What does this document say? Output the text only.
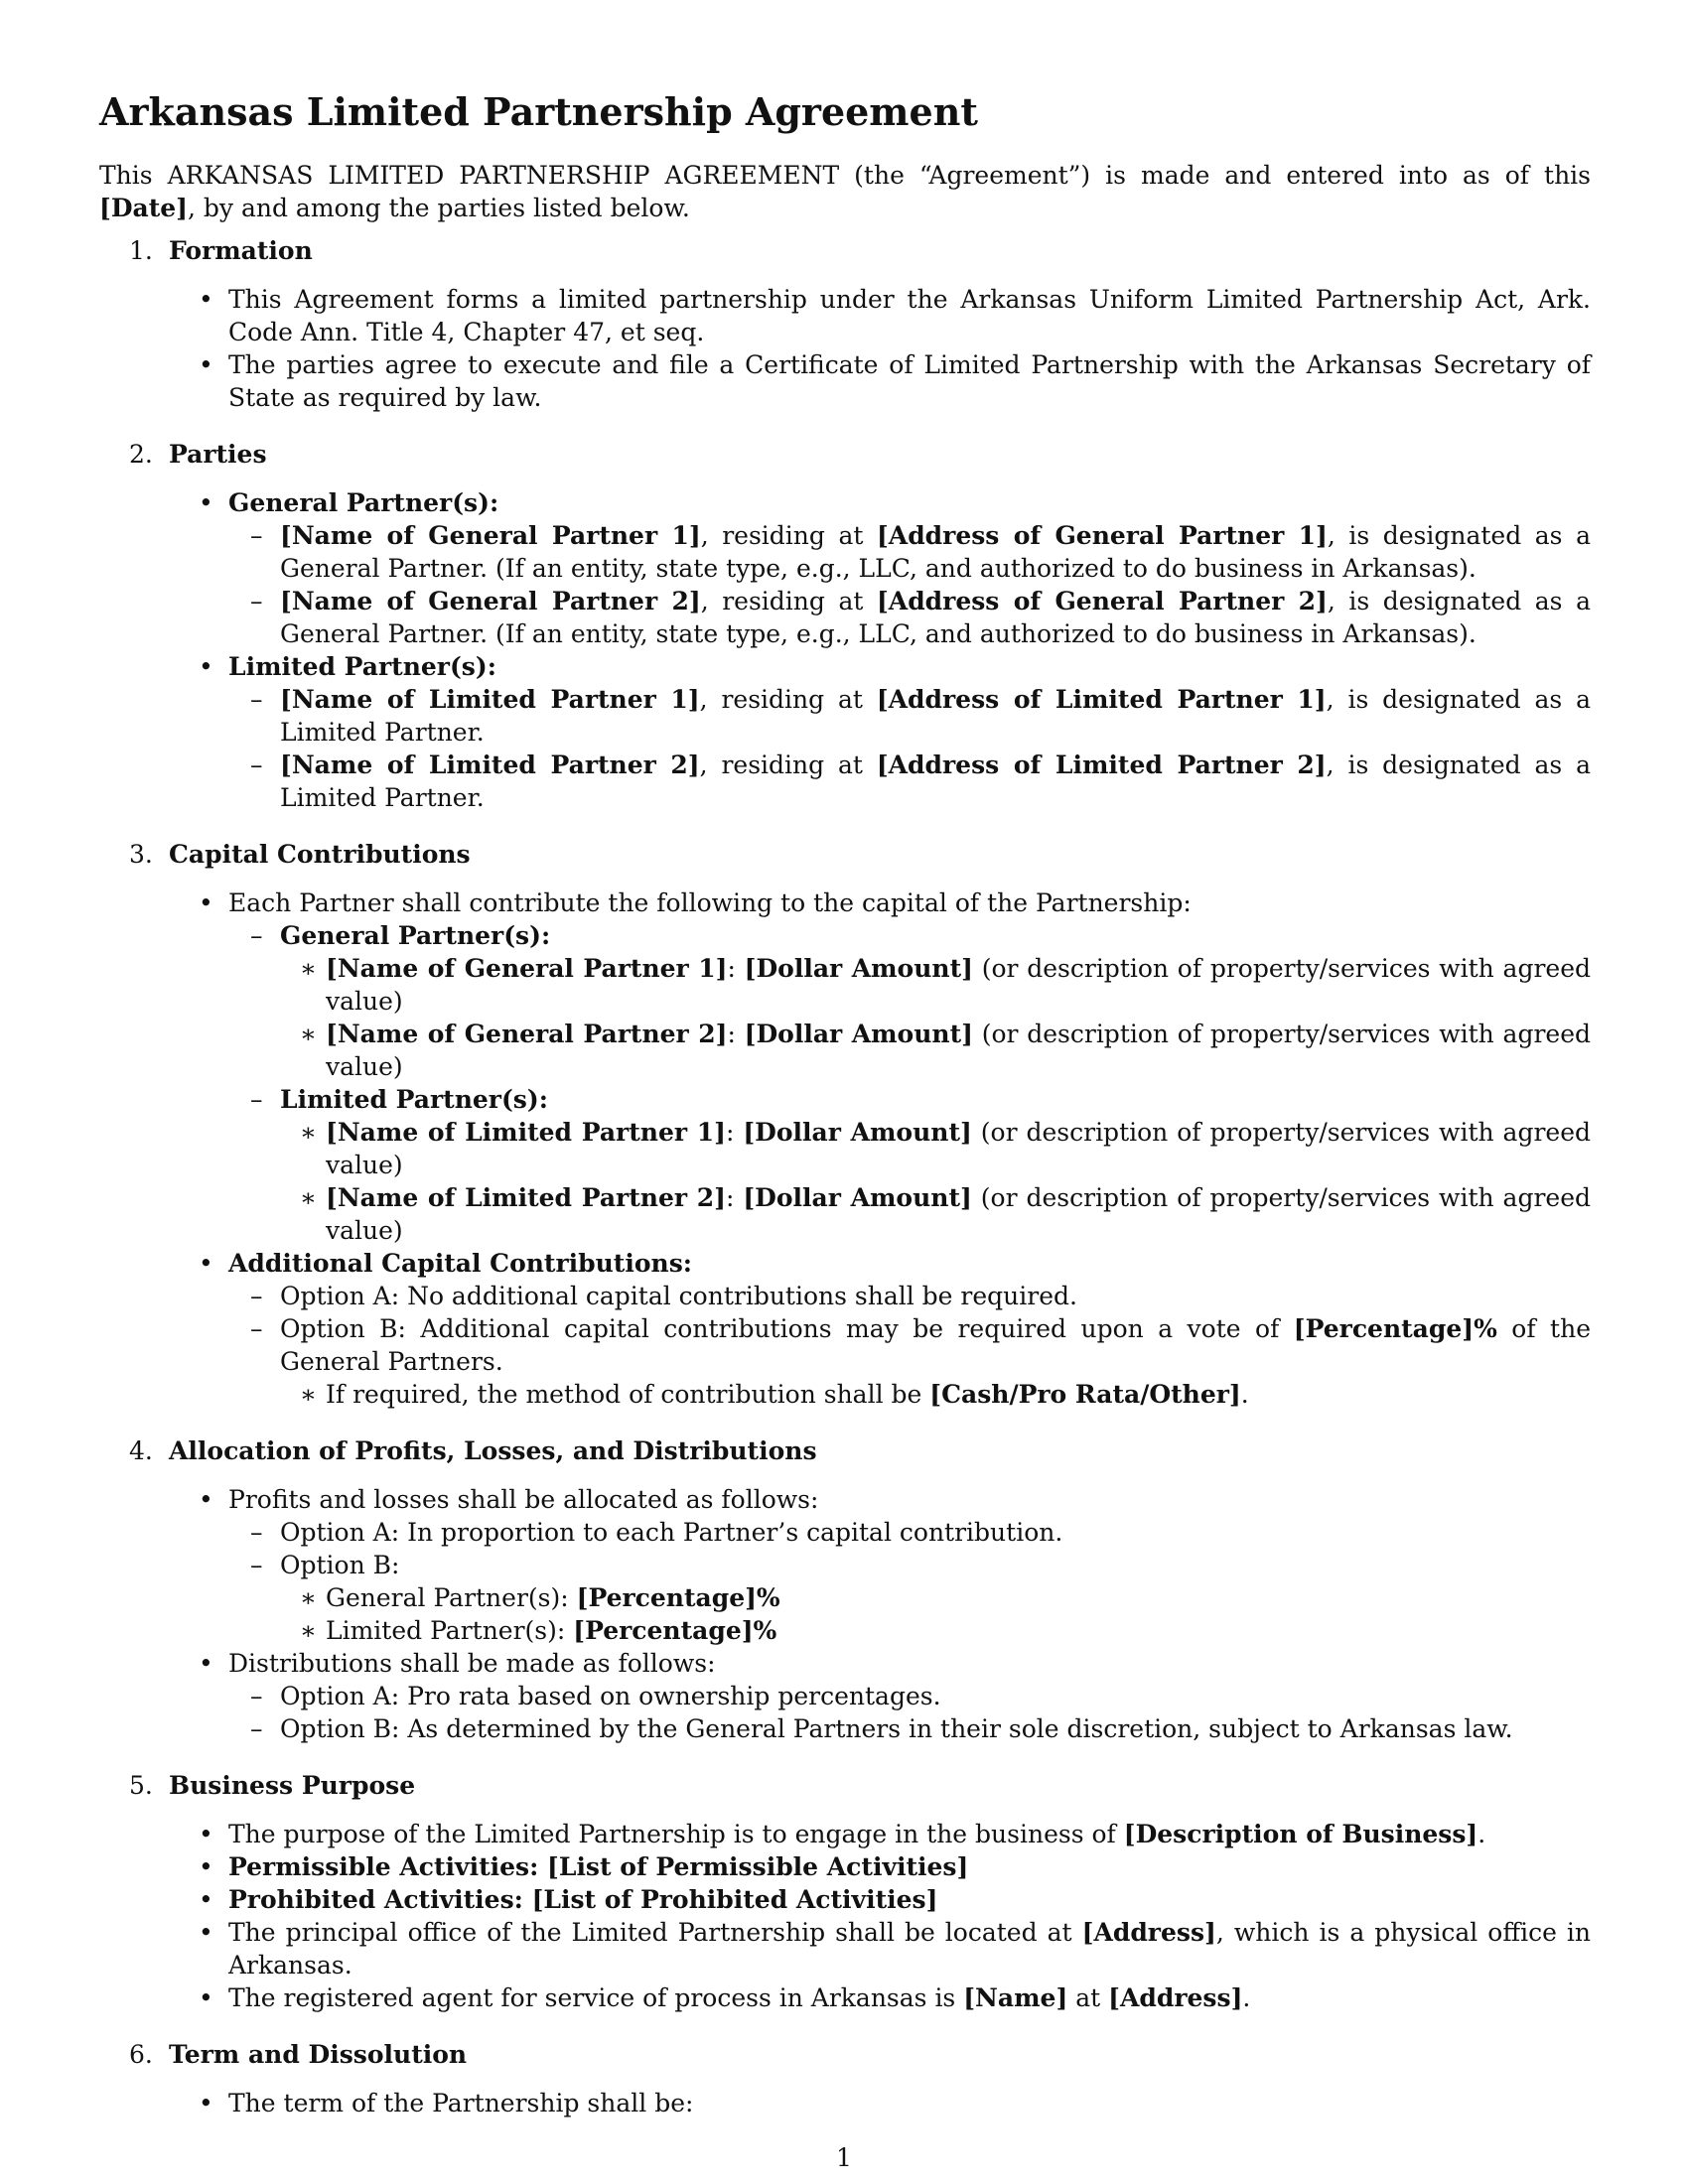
Arkansas Limited Partnership Agreement

This ARKANSAS LIMITED PARTNERSHIP AGREEMENT (the “Agreement”) is made and entered into as of this [Date], by and among the parties listed below.

1. Formation
• This Agreement forms a limited partnership under the Arkansas Uniform Limited Partnership Act, Ark. Code Ann. Title 4, Chapter 47, et seq.
• The parties agree to execute and file a Certificate of Limited Partnership with the Arkansas Secretary of State as required by law.
2. Parties
• General Partner(s):
– [Name of General Partner 1], residing at [Address of General Partner 1], is designated as a General Partner. (If an entity, state type, e.g., LLC, and authorized to do business in Arkansas).
– [Name of General Partner 2], residing at [Address of General Partner 2], is designated as a General Partner. (If an entity, state type, e.g., LLC, and authorized to do business in Arkansas).
• Limited Partner(s):
– [Name of Limited Partner 1], residing at [Address of Limited Partner 1], is designated as a Limited Partner.
– [Name of Limited Partner 2], residing at [Address of Limited Partner 2], is designated as a Limited Partner.
3. Capital Contributions
• Each Partner shall contribute the following to the capital of the Partnership:
– General Partner(s):
∗ [Name of General Partner 1]: [Dollar Amount] (or description of property/services with agreed value)
∗ [Name of General Partner 2]: [Dollar Amount] (or description of property/services with agreed value)
– Limited Partner(s):
∗ [Name of Limited Partner 1]: [Dollar Amount] (or description of property/services with agreed value)
∗ [Name of Limited Partner 2]: [Dollar Amount] (or description of property/services with agreed value)
• Additional Capital Contributions:
– Option A: No additional capital contributions shall be required.
– Option B: Additional capital contributions may be required upon a vote of [Percentage]% of the General Partners.
∗ If required, the method of contribution shall be [Cash/Pro Rata/Other].
4. Allocation of Profits, Losses, and Distributions
• Profits and losses shall be allocated as follows:
– Option A: In proportion to each Partner’s capital contribution.
– Option B:
∗ General Partner(s): [Percentage]%
∗ Limited Partner(s): [Percentage]%
• Distributions shall be made as follows:
– Option A: Pro rata based on ownership percentages.
– Option B: As determined by the General Partners in their sole discretion, subject to Arkansas law.
5. Business Purpose
• The purpose of the Limited Partnership is to engage in the business of [Description of Business].
• Permissible Activities: [List of Permissible Activities]
• Prohibited Activities: [List of Prohibited Activities]
• The principal office of the Limited Partnership shall be located at [Address], which is a physical office in Arkansas.
• The registered agent for service of process in Arkansas is [Name] at [Address].
6. Term and Dissolution
• The term of the Partnership shall be:
1
